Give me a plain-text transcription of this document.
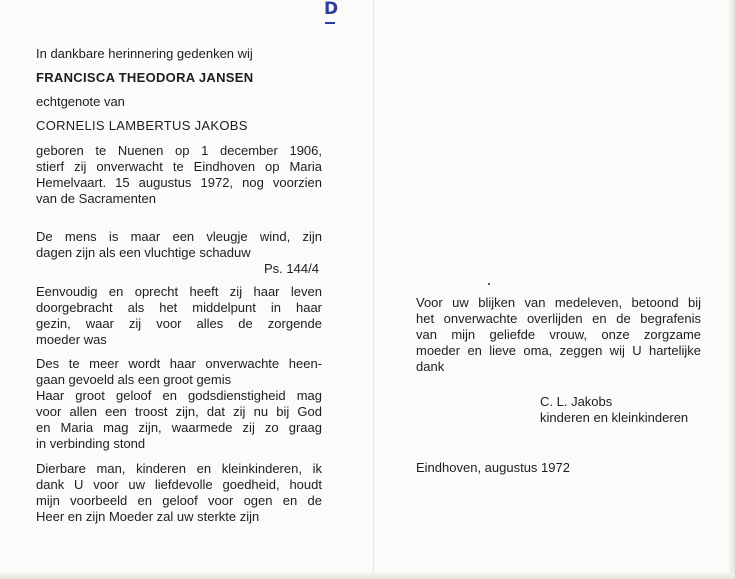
D
In dankbare herinnering gedenken wij
FRANCISCA THEODORA JANSEN
echtgenote van
CORNELIS LAMBERTUS JAKOBS
geboren te Nuenen op 1 december 1906,
stierf zij onverwacht te Eindhoven op Maria
Hemelvaart. 15 augustus 1972, nog voorzien
van de Sacramenten
De mens is maar een vleugje wind, zijn
dagen zijn als een vluchtige schaduw
Ps. 144/4
Eenvoudig en oprecht heeft zij haar leven
doorgebracht als het middelpunt in haar
gezin, waar zij voor alles de zorgende
moeder was
Des te meer wordt haar onverwachte heen-
gaan gevoeld als een groot gemis
Haar groot geloof en godsdienstigheid mag
voor allen een troost zijn, dat zij nu bij God
en Maria mag zijn, waarmede zij zo graag
in verbinding stond
Dierbare man, kinderen en kleinkinderen, ik
dank U voor uw liefdevolle goedheid, houdt
mijn voorbeeld en geloof voor ogen en de
Heer en zijn Moeder zal uw sterkte zijn
Voor uw blijken van medeleven, betoond bij
het onverwachte overlijden en de begrafenis
van mijn geliefde vrouw, onze zorgzame
moeder en lieve oma, zeggen wij U hartelijke
dank
C. L. Jakobs
kinderen en kleinkinderen
Eindhoven, augustus 1972
